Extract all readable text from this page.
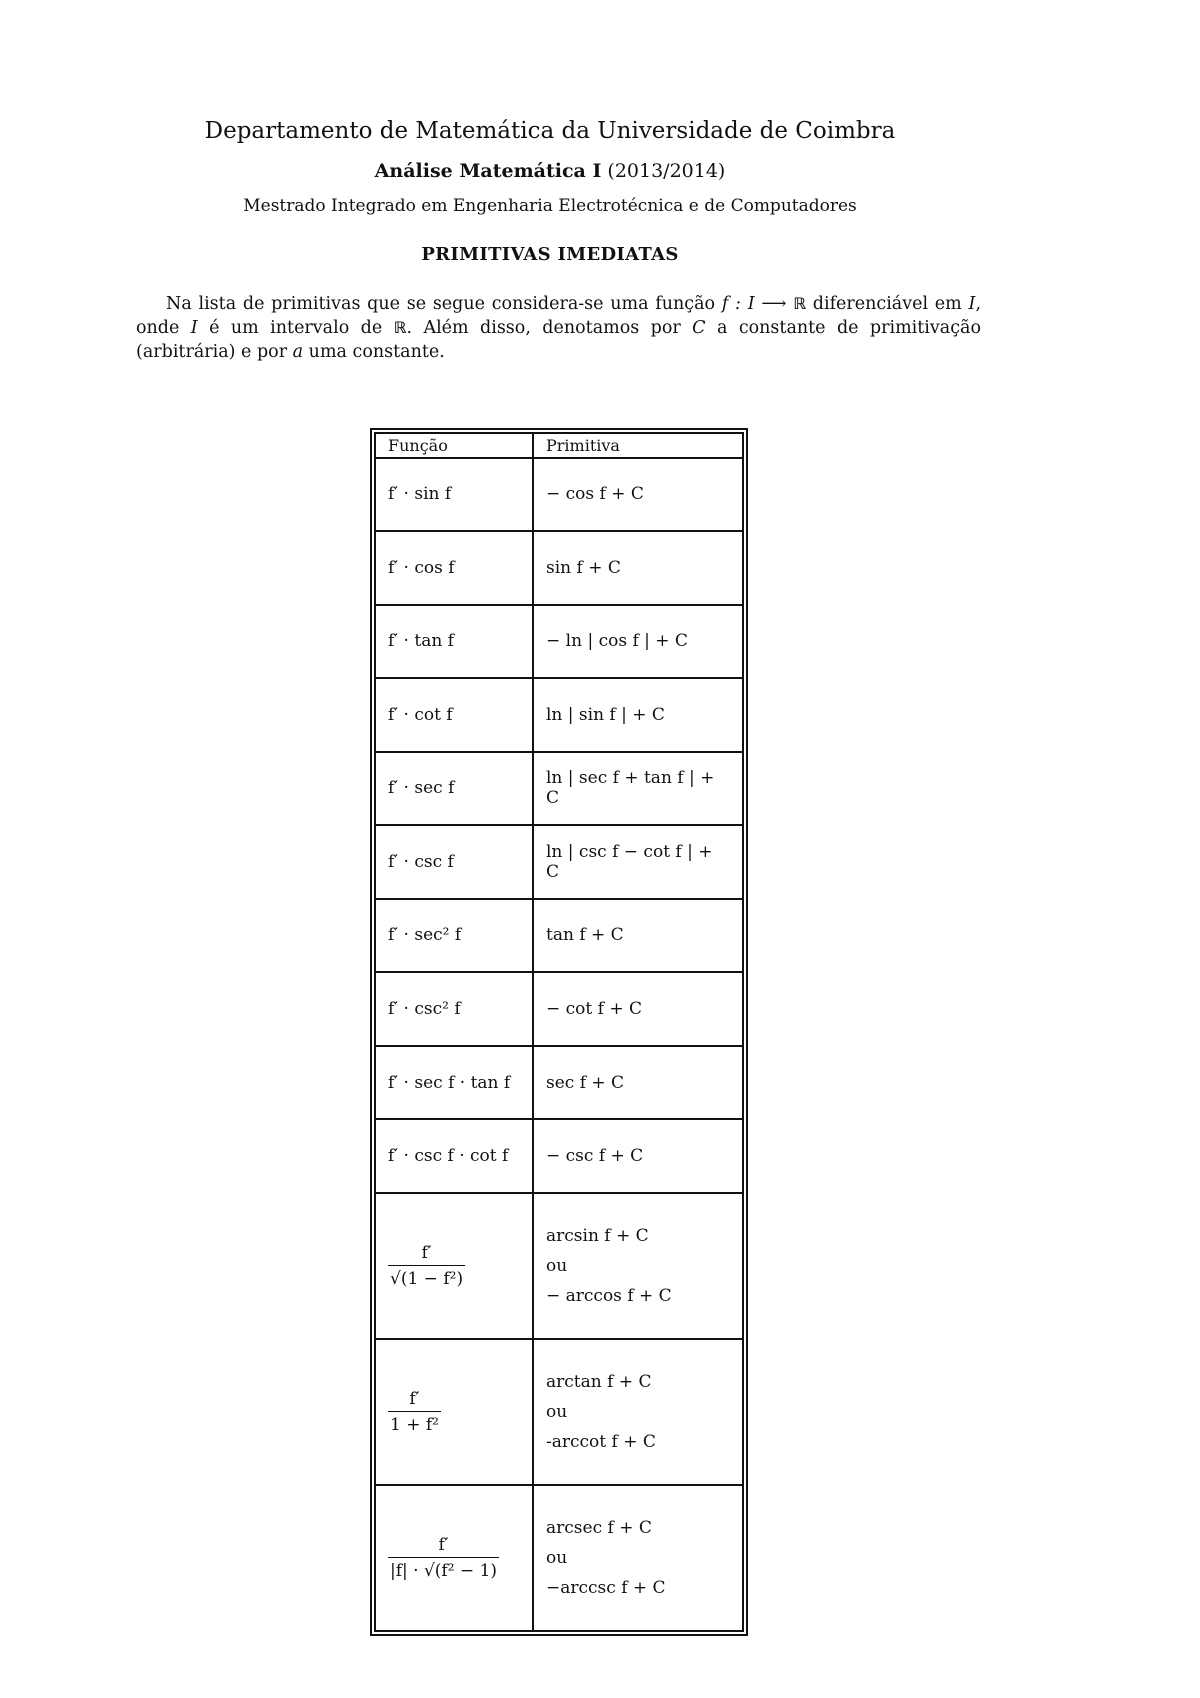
Departamento de Matemática da Universidade de Coimbra
Análise Matemática I (2013/2014)
Mestrado Integrado em Engenharia Electrotécnica e de Computadores
PRIMITIVAS IMEDIATAS

Na lista de primitivas que se segue considera-se uma função f : I ⟶ ℝ diferenciável em I, onde I é um intervalo de ℝ. Além disso, denotamos por C a constante de primitivação (arbitrária) e por a uma constante.

Função	Primitiva
f′ · sin f	− cos f + C
f′ · cos f	sin f + C
f′ · tan f	− ln | cos f | + C
f′ · cot f	ln | sin f | + C
f′ · sec f	ln | sec f + tan f | + C
f′ · csc f	ln | csc f − cot f | + C
f′ · sec² f	tan f + C
f′ · csc² f	− cot f + C
f′ · sec f · tan f	sec f + C
f′ · csc f · cot f	− csc f + C

$\frac{f'}{\text{√(1 − f²)}}$	arcsin f + C
ou
− arccos f + C

$\frac{f'}{\text{1 + f²}}$	arctan f + C
ou
-arccot f + C

$\frac{f'}{\text{|f| · √(f² − 1)}}$	arcsec f + C
ou
−arccsc f + C
